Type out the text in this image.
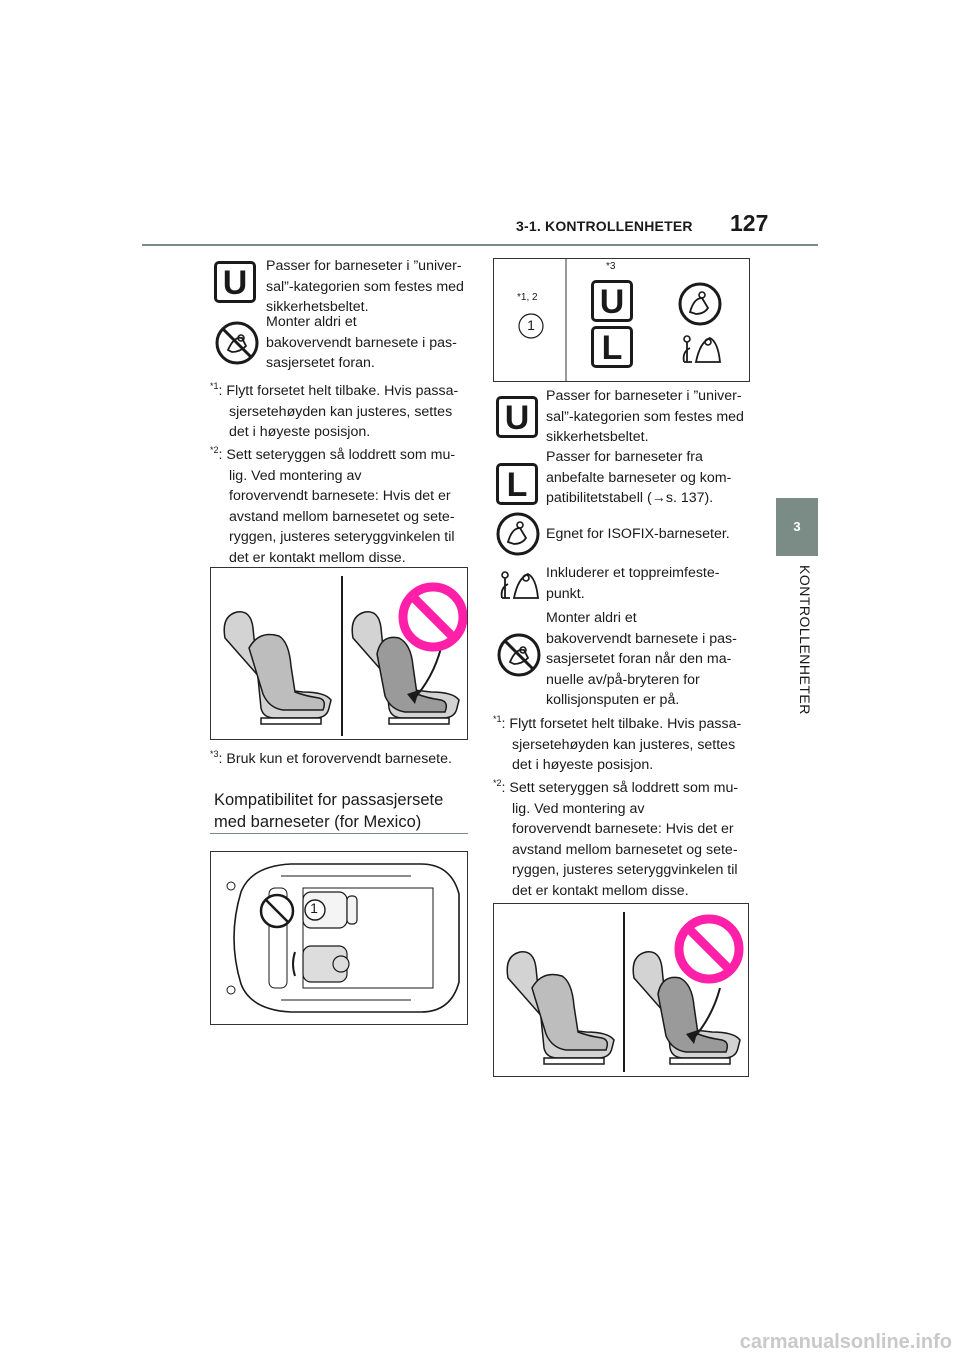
3-1. KONTROLLENHETER 127
3
KONTROLLENHETER
U	Passer for barneseter i ”univer-
sal”-kategorien som festes med
sikkerhetsbeltet.
Monter aldri et
bakovervendt barnesete i pas-
sasjersetet foran.
$^{*1}$: Flytt forsetet helt tilbake. Hvis passa-
sjersetehøyden kan justeres, settes
det i høyeste posisjon.
$^{*2}$: Sett seteryggen så loddrett som mu-
lig. Ved montering av
forovervendt barnesete: Hvis det er
avstand mellom barnesetet og sete-
ryggen, justeres seteryggvinkelen til
det er kontakt mellom disse.
$^{*3}$: Bruk kun et forovervendt barnesete.
Kompatibilitet for passasjersete
med barneseter (for Mexico)
1
*1, 2
1
*3
U
L
U
Passer for barneseter i ”univer-
sal”-kategorien som festes med
sikkerhetsbeltet.
L
Passer for barneseter fra
anbefalte barneseter og kom-
patibilitetstabell (→s. 137).
Egnet for ISOFIX-barneseter.
Inkluderer et toppreimfeste-
punkt.
Monter aldri et
bakovervendt barnesete i pas-
sasjersetet foran når den ma-
nuelle av/på-bryteren for
kollisjonsputen er på.
$^{*1}$: Flytt forsetet helt tilbake. Hvis passa-
sjersetehøyden kan justeres, settes
det i høyeste posisjon.
$^{*2}$: Sett seteryggen så loddrett som mu-
lig. Ved montering av
forovervendt barnesete: Hvis det er
avstand mellom barnesetet og sete-
ryggen, justeres seteryggvinkelen til
det er kontakt mellom disse.
carmanualsonline.info
